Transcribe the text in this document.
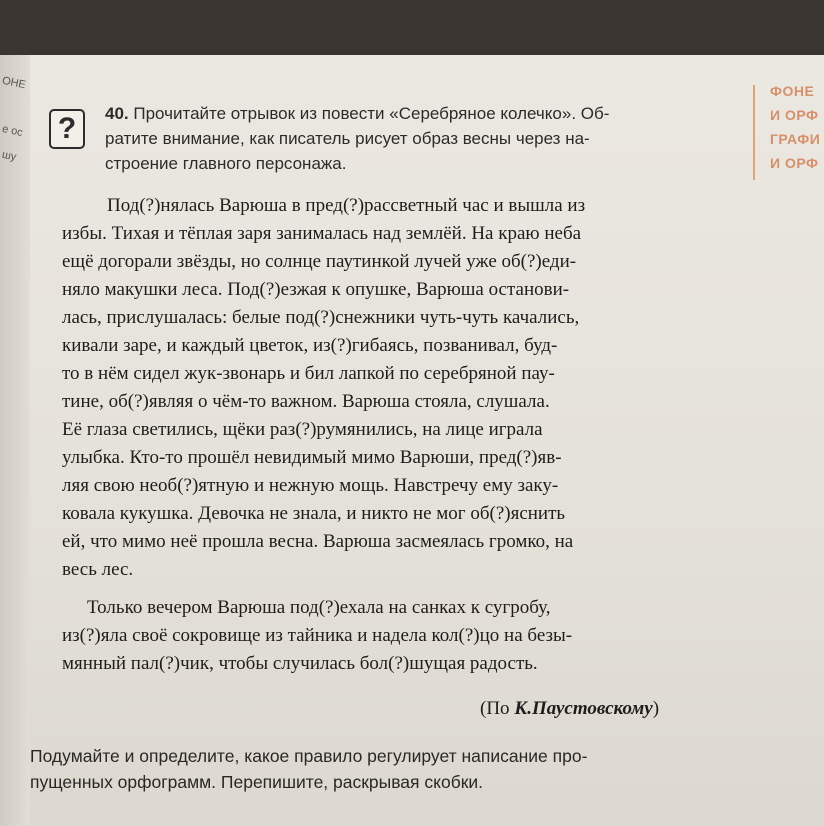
ОНЕ
е ос
шу
?
ФОНЕ
И ОРФ
ГРАФИ
И ОРФ
40. Прочитайте отрывок из повести «Серебряное колечко». Об-
ратите внимание, как писатель рисует образ весны через на-
строение главного персонажа.
Под(?)нялась Варюша в пред(?)рассветный час и вышла из
избы. Тихая и тёплая заря занималась над землёй. На краю неба
ещё догорали звёзды, но солнце паутинкой лучей уже об(?)еди-
няло макушки леса. Под(?)езжая к опушке, Варюша останови-
лась, прислушалась: белые под(?)снежники чуть-чуть качались,
кивали заре, и каждый цветок, из(?)гибаясь, позванивал, буд-
то в нём сидел жук-звонарь и бил лапкой по серебряной пау-
тине, об(?)являя о чём-то важном. Варюша стояла, слушала.
Её глаза светились, щёки раз(?)румянились, на лице играла
улыбка. Кто-то прошёл невидимый мимо Варюши, пред(?)яв-
ляя свою необ(?)ятную и нежную мощь. Навстречу ему заку-
ковала кукушка. Девочка не знала, и никто не мог об(?)яснить
ей, что мимо неё прошла весна. Варюша засмеялась громко, на
весь лес.
Только вечером Варюша под(?)ехала на санках к сугробу,
из(?)яла своё сокровище из тайника и надела кол(?)цо на безы-
мянный пал(?)чик, чтобы случилась бол(?)шущая радость.
(По К.Паустовскому)
Подумайте и определите, какое правило регулирует написание про-
пущенных орфограмм. Перепишите, раскрывая скобки.
